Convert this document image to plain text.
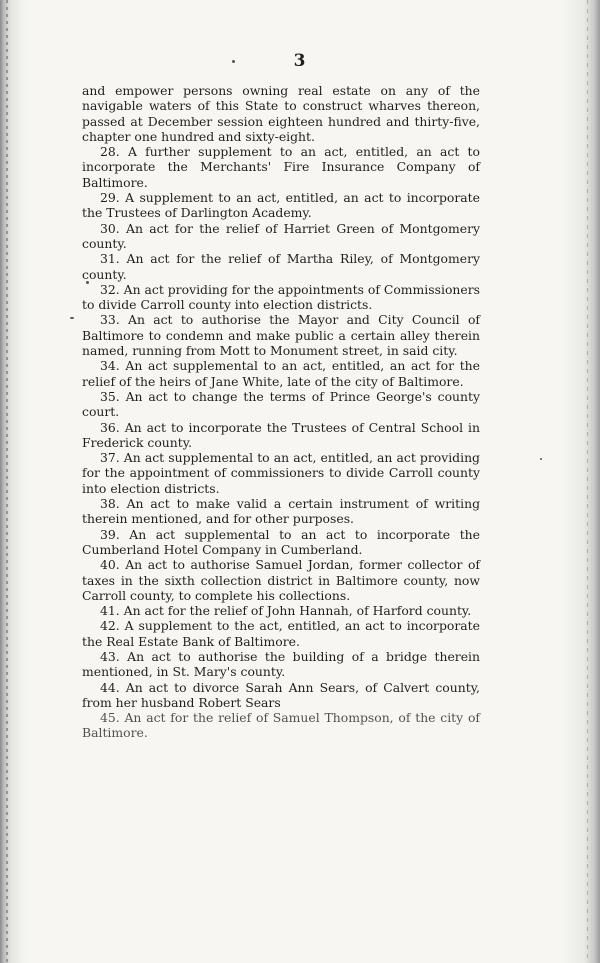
3

and empower persons owning real estate on any of the navigable waters of this State to construct wharves thereon, passed at December session eighteen hundred and thirty-five, chapter one hundred and sixty-eight.

28. A further supplement to an act, entitled, an act to incorporate the Merchants' Fire Insurance Company of Baltimore.

29. A supplement to an act, entitled, an act to incorporate the Trustees of Darlington Academy.

30. An act for the relief of Harriet Green of Montgomery county.

31. An act for the relief of Martha Riley, of Montgomery county.

32. An act providing for the appointments of Commissioners to divide Carroll county into election districts.

33. An act to authorise the Mayor and City Council of Baltimore to condemn and make public a certain alley therein named, running from Mott to Monument street, in said city.

34. An act supplemental to an act, entitled, an act for the relief of the heirs of Jane White, late of the city of Baltimore.

35. An act to change the terms of Prince George's county court.

36. An act to incorporate the Trustees of Central School in Frederick county.

37. An act supplemental to an act, entitled, an act providing for the appointment of commissioners to divide Carroll county into election districts.

38. An act to make valid a certain instrument of writing therein mentioned, and for other purposes.

39. An act supplemental to an act to incorporate the Cumberland Hotel Company in Cumberland.

40. An act to authorise Samuel Jordan, former collector of taxes in the sixth collection district in Baltimore county, now Carroll county, to complete his collections.

41. An act for the relief of John Hannah, of Harford county.

42. A supplement to the act, entitled, an act to incorporate the Real Estate Bank of Baltimore.

43. An act to authorise the building of a bridge therein mentioned, in St. Mary's county.

44. An act to divorce Sarah Ann Sears, of Calvert county, from her husband Robert Sears

45. An act for the relief of Samuel Thompson, of the city of Baltimore.
